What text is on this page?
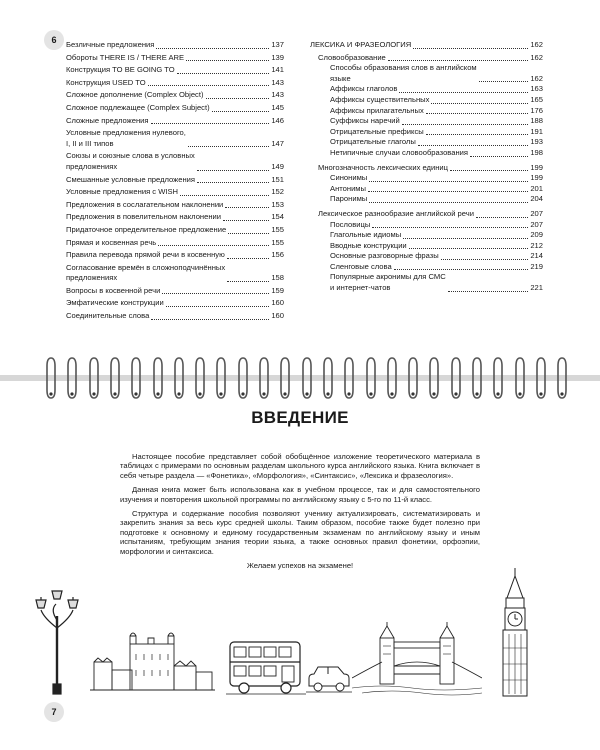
6	Безличные предложения	137
Обороты THERE IS / THERE ARE	139
Конструкция TO BE GOING TO	141
Конструкция USED TO	143
Сложное дополнение (Complex Object)	143
Сложное подлежащее (Complex Subject)	145
Сложные предложения	146
Условные предложения нулевого,
I, II и III типов	147
Союзы и союзные слова в условных
предложениях	149
Смешанные условные предложения	151
Условные предложения с WISH	152
Предложения в сослагательном наклонении	153
Предложения в повелительном наклонении	154
Придаточное определительное предложение	155
Прямая и косвенная речь	155
Правила перевода прямой речи в косвенную	156
Согласование времён в сложноподчинённых
предложениях	158
Вопросы в косвенной речи	159
Эмфатические конструкции	160
Соединительные слова	160
ЛЕКСИКА И ФРАЗЕОЛОГИЯ	162
Словообразование	162
Способы образования слов в английском
языке	162
Аффиксы глаголов	163
Аффиксы существительных	165
Аффиксы прилагательных	176
Суффиксы наречий	188
Отрицательные префиксы	191
Отрицательные глаголы	193
Нетипичные случаи словообразования	198
Многозначность лексических единиц	199
Синонимы	199
Антонимы	201
Паронимы	204
Лексическое разнообразие английской речи	207
Пословицы	207
Глагольные идиомы	209
Вводные конструкции	212
Основные разговорные фразы	214
Сленговые слова	219
Популярные акронимы для СМС
и интернет-чатов	221
ВВЕДЕНИЕ

Настоящее пособие представляет собой обобщённое изложение теоретического материала в таблицах с примерами по основным разделам школьного курса английского языка. Книга включает в себя четыре раздела — «Фонетика», «Морфология», «Синтаксис», «Лексика и фразеология».

Данная книга может быть использована как в учебном процессе, так и для самостоятельного изучения и повторения школьной программы по английскому языку с 5-го по 11-й класс.

Структура и содержание пособия позволяют ученику актуализировать, систематизировать и закрепить знания за весь курс средней школы. Таким образом, пособие также будет полезно при подготовке к основному и единому государственным экзаменам по английскому языку и иным испытаниям, требующим знания теории языка, а также основных правил фонетики, орфоэпии, морфологии и синтаксиса.

Желаем успехов на экзамене!

7
